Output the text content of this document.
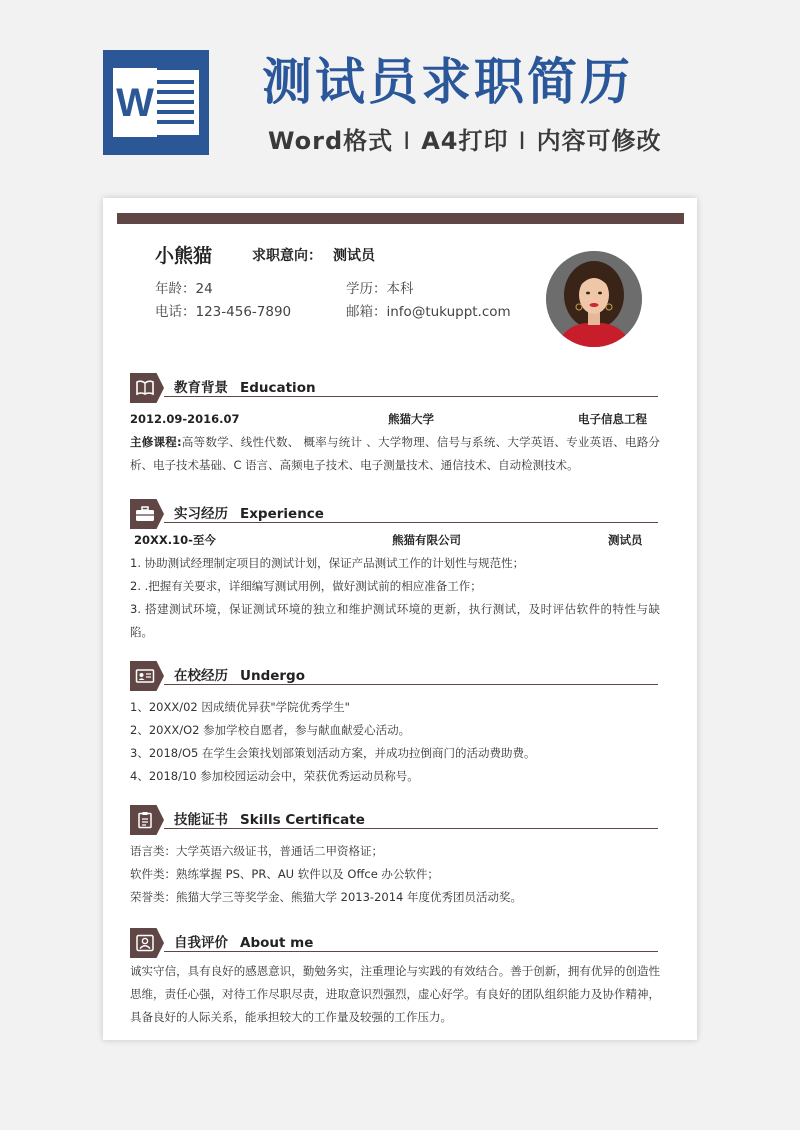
W 测试员求职简历
Word格式 I A4打印 I 内容可修改
小熊猫	求职意向： 测试员
年龄：24	学历：本科
电话：123-456-7890	邮箱：info@tukuppt.com
教育背景 Education
2012.09-2016.07	熊猫大学	电子信息工程
主修课程:高等数学、线性代数、 概率与统计 、大学物理、信号与系统、大学英语、专业英语、电路分析、电子技术基础、C 语言、高频电子技术、电子测量技术、通信技术、自动检测技术。
实习经历 Experience
20XX.10-至今	熊猫有限公司	测试员
1. 协助测试经理制定项目的测试计划，保证产品测试工作的计划性与规范性；
2. .把握有关要求，详细编写测试用例，做好测试前的相应准备工作；
3. 搭建测试环境，保证测试环境的独立和维护测试环境的更新，执行测试，及时评估软件的特性与缺陷。
在校经历 Undergo
1、20XX/02 因成绩优异获"学院优秀学生"
2、20XX/O2 参加学校自愿者，参与献血献爱心活动。
3、2018/O5 在学生会策找划部策划活动方案，并成功拉倒商门的活动费助费。
4、2018/10 参加校园运动会中，荣获优秀运动员称号。
技能证书 Skills Certificate
语言类：大学英语六级证书，普通话二甲资格证；
软件类：熟练掌握 PS、PR、AU 软件以及 Offce 办公软件；
荣誉类：熊猫大学三等奖学金、熊猫大学 2013-2014 年度优秀团员活动奖。
自我评价 About me
诚实守信，具有良好的感恩意识，勤勉务实，注重理论与实践的有效结合。善于创新，拥有优异的创造性思维，责任心强，对待工作尽职尽责，进取意识烈强烈，虚心好学。有良好的团队组织能力及协作精神，具备良好的人际关系，能承担较大的工作量及较强的工作压力。
